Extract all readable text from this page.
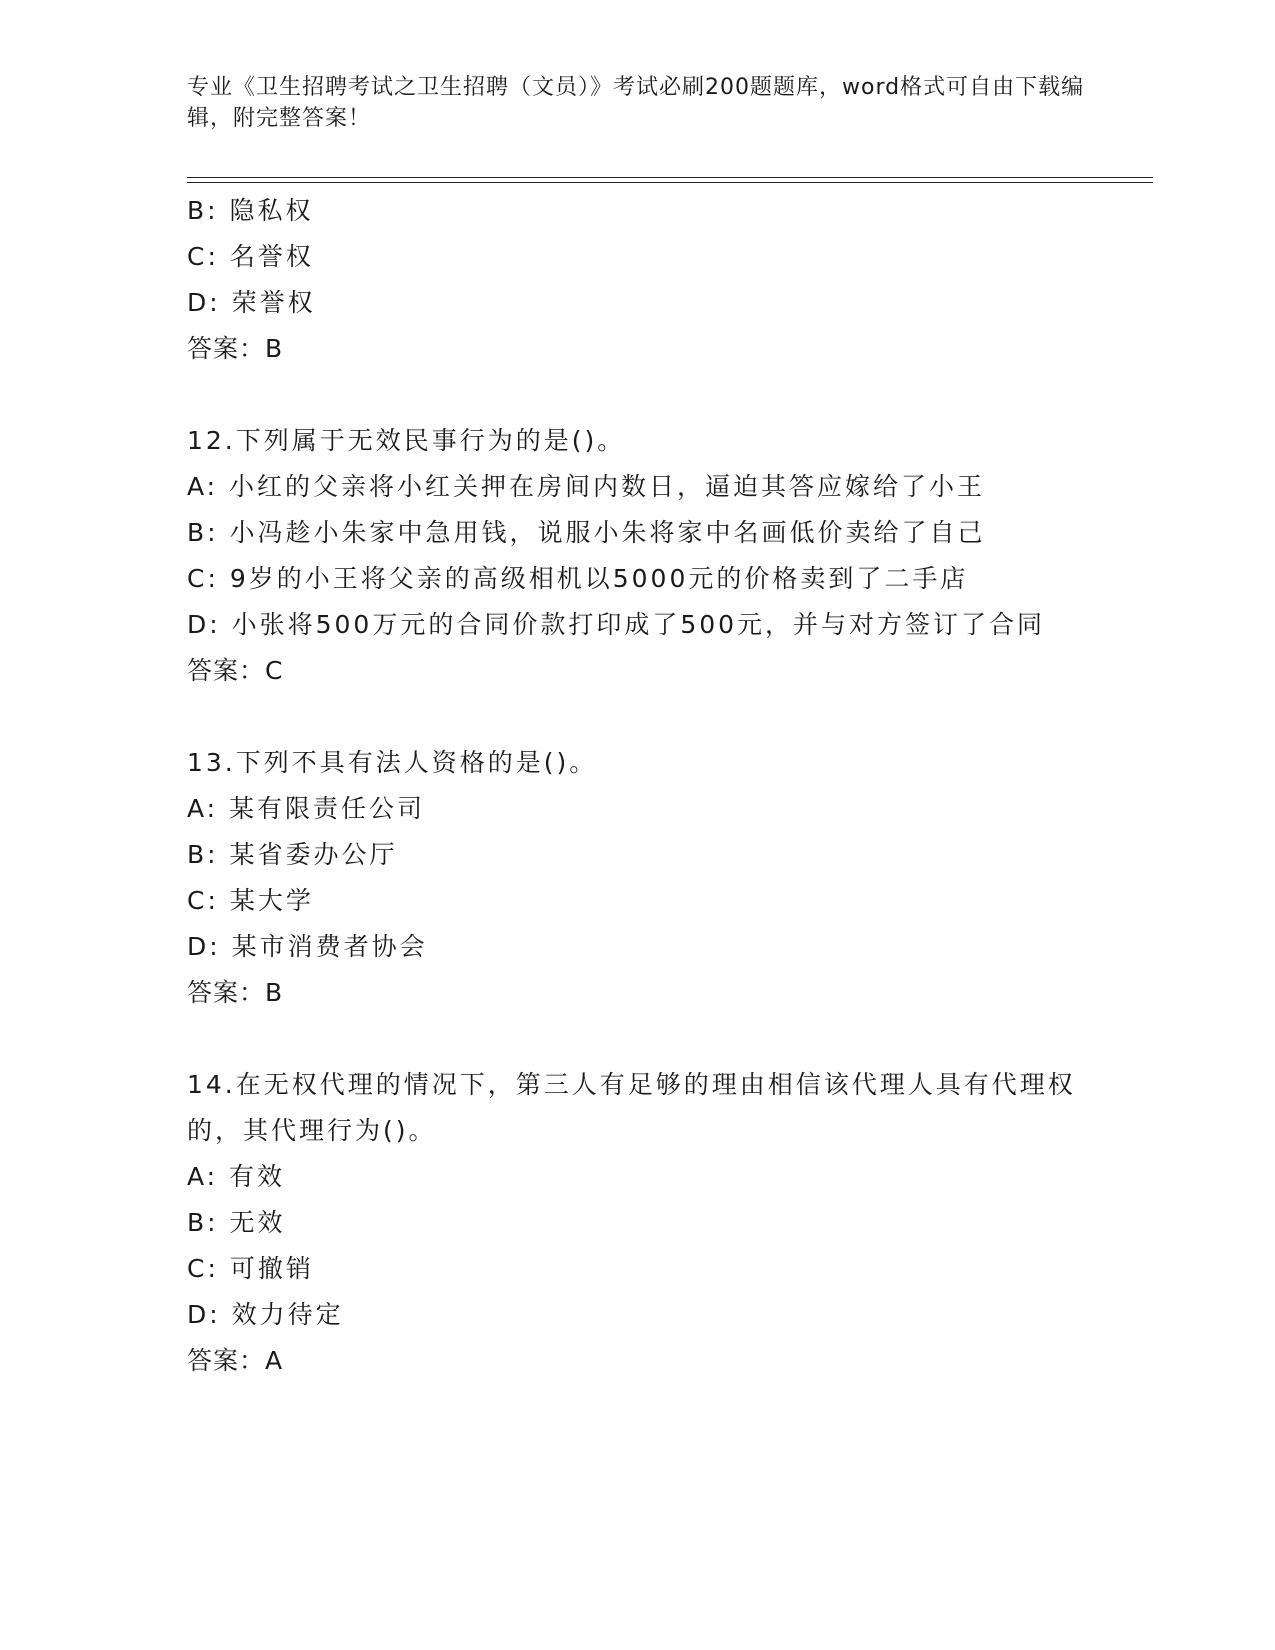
专业《卫生招聘考试之卫生招聘（文员）》考试必刷200题题库，word格式可自由下载编辑，附完整答案！
B: 隐私权
C: 名誉权
D: 荣誉权
答案：B
12.下列属于无效民事行为的是()。
A: 小红的父亲将小红关押在房间内数日，逼迫其答应嫁给了小王
B: 小冯趁小朱家中急用钱，说服小朱将家中名画低价卖给了自己
C: 9岁的小王将父亲的高级相机以5000元的价格卖到了二手店
D: 小张将500万元的合同价款打印成了500元，并与对方签订了合同
答案：C
13.下列不具有法人资格的是()。
A: 某有限责任公司
B: 某省委办公厅
C: 某大学
D: 某市消费者协会
答案：B
14.在无权代理的情况下，第三人有足够的理由相信该代理人具有代理权的，其代理行为()。
A: 有效
B: 无效
C: 可撤销
D: 效力待定
答案：A
